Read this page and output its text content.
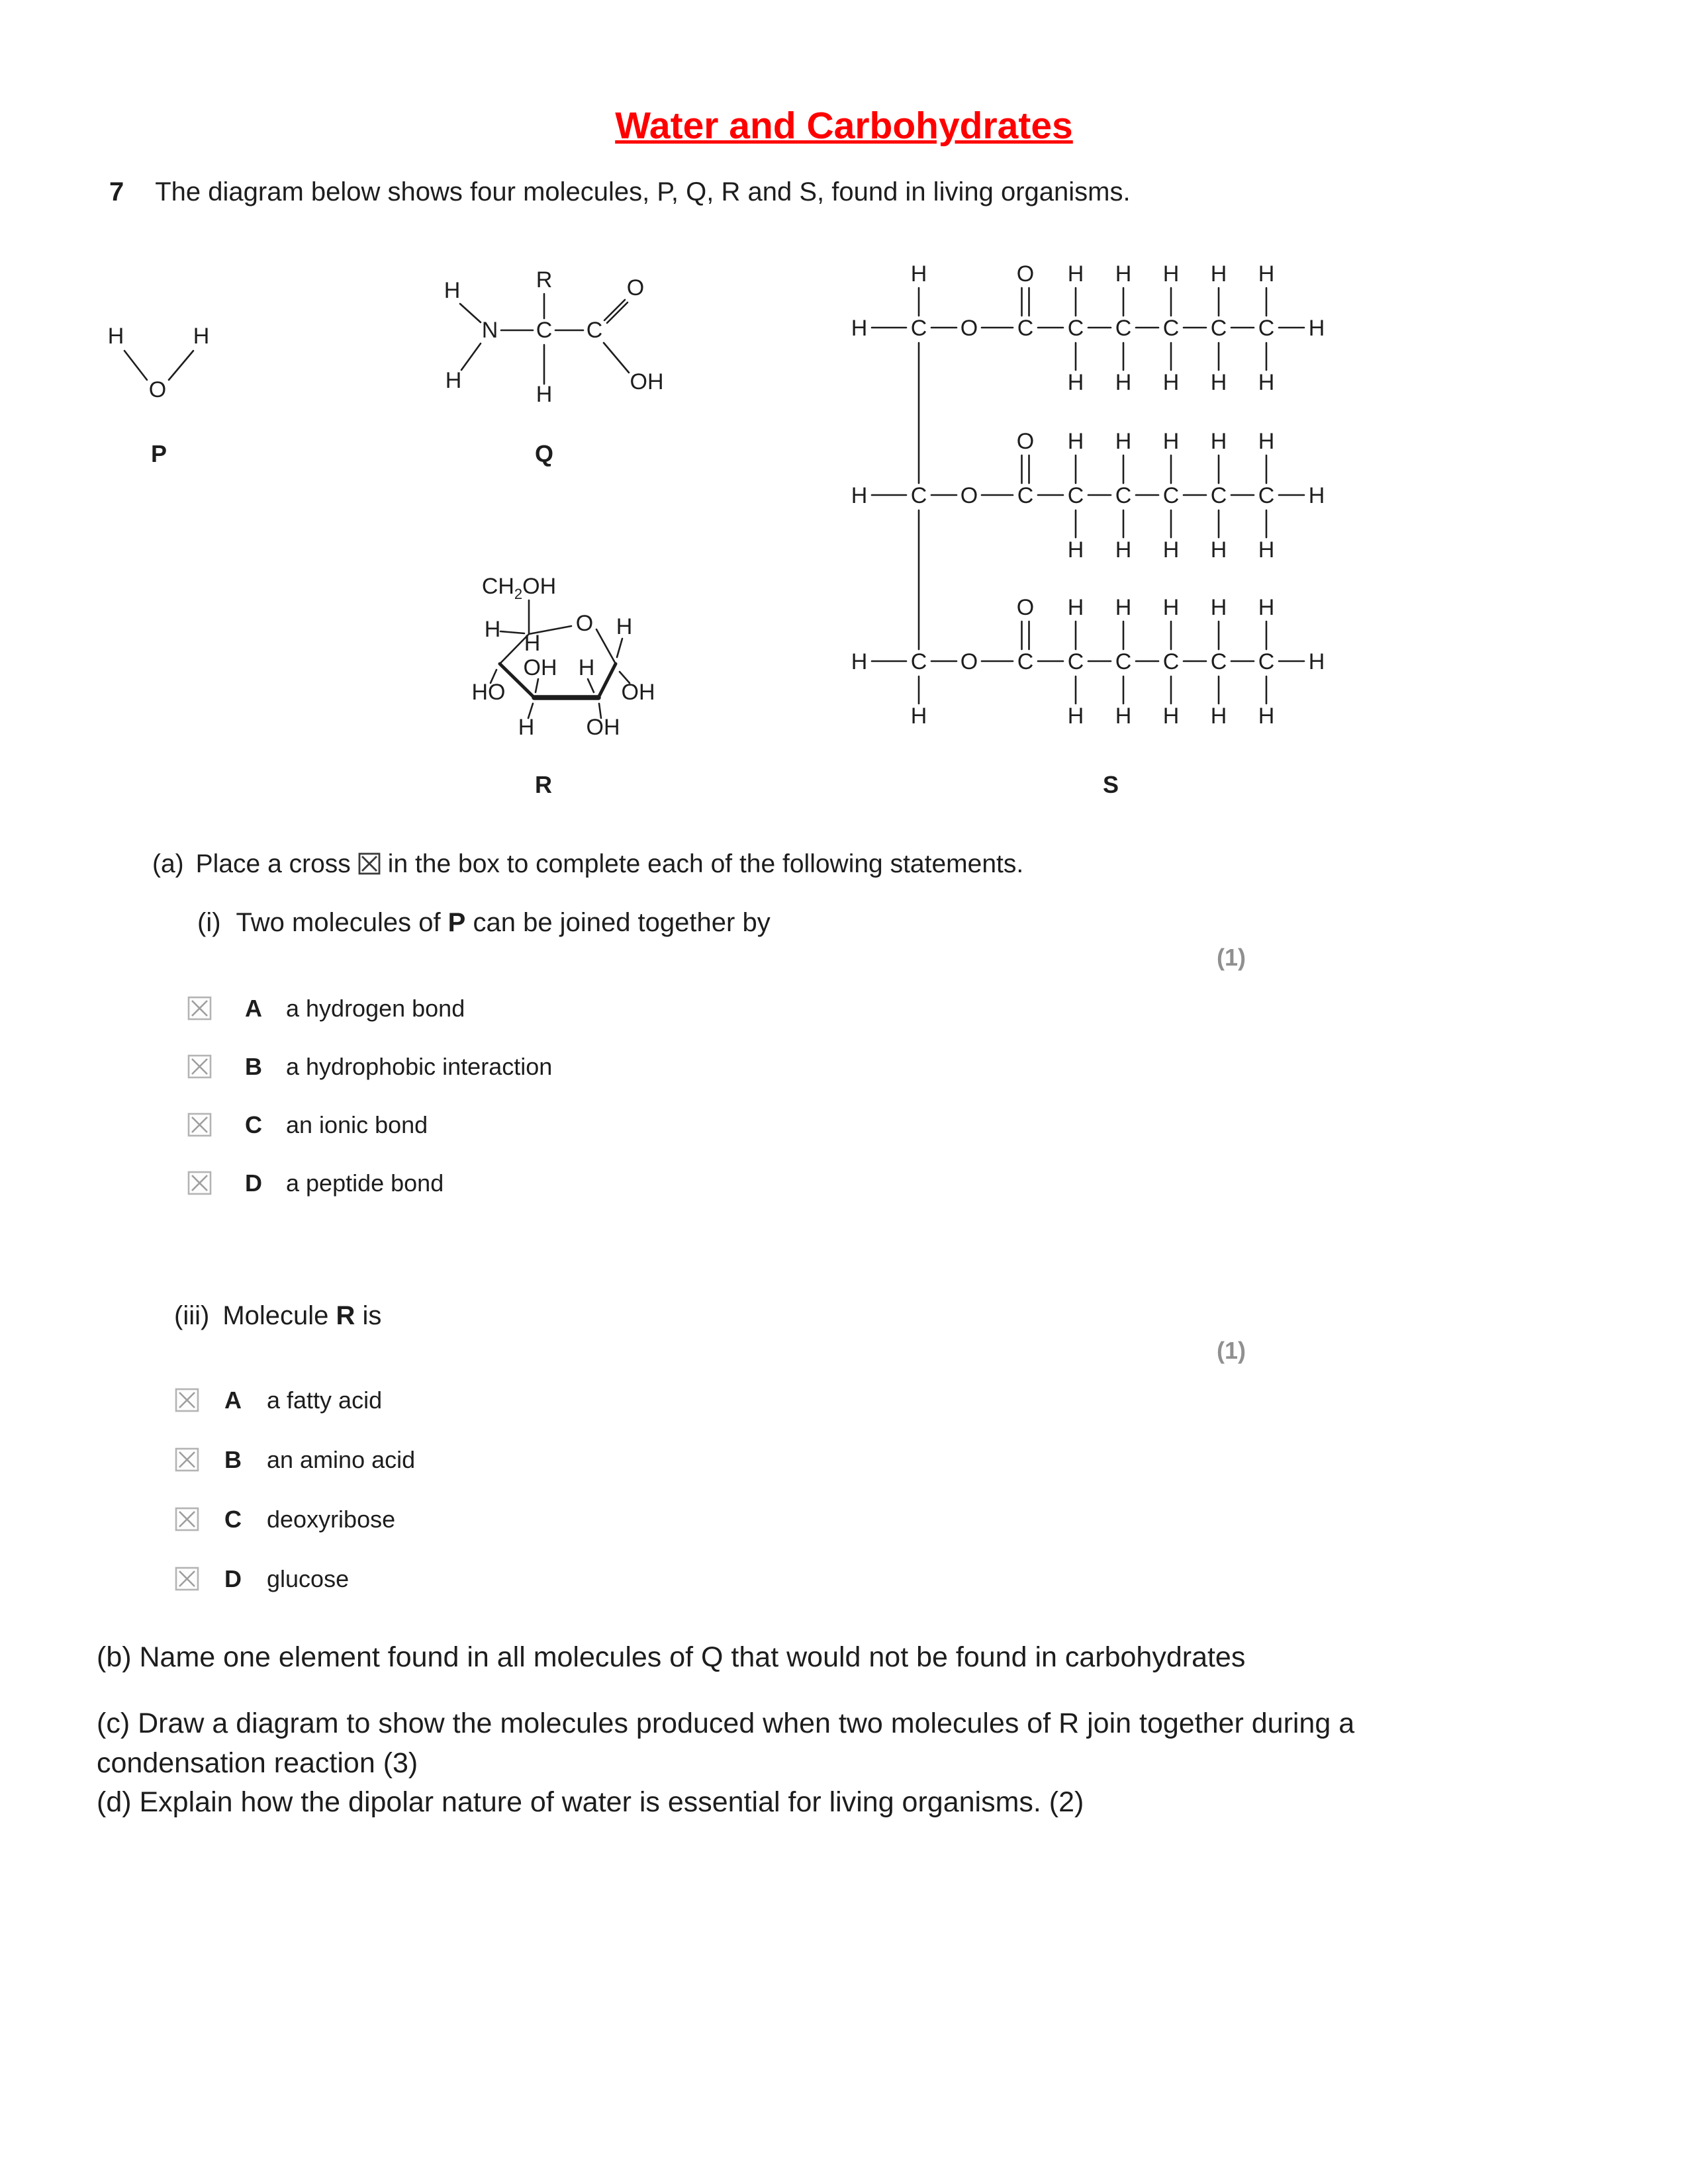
Water and Carbohydrates
7 The diagram below shows four molecules, P, Q, R and S, found in living organisms.
H	H
O
P
H	R	O
N C C
H
H	OH
Q
$CH_2OH$
O H
H
H
OH H
HO	OH
H OH
R
H C O C C C C C C H
O H H H H H
H H H H H
H C O C C C C C C H
O H H H H H
H H H H H
H C O C C C C C C H
O H H H H H
H H H H H
H
H
S
(a) Place a cross in the box to complete each of the following statements.
(i) Two molecules of P can be joined together by
(1)
A	a hydrogen bond
B	a hydrophobic interaction
C	an ionic bond
D	a peptide bond
(iii) Molecule R is
(1)
A	a fatty acid
B	an amino acid
C	deoxyribose
D	glucose
(b) Name one element found in all molecules of Q that would not be found in carbohydrates
(c) Draw a diagram to show the molecules produced when two molecules of R join together during a condensation reaction (3)
(d) Explain how the dipolar nature of water is essential for living organisms. (2)
